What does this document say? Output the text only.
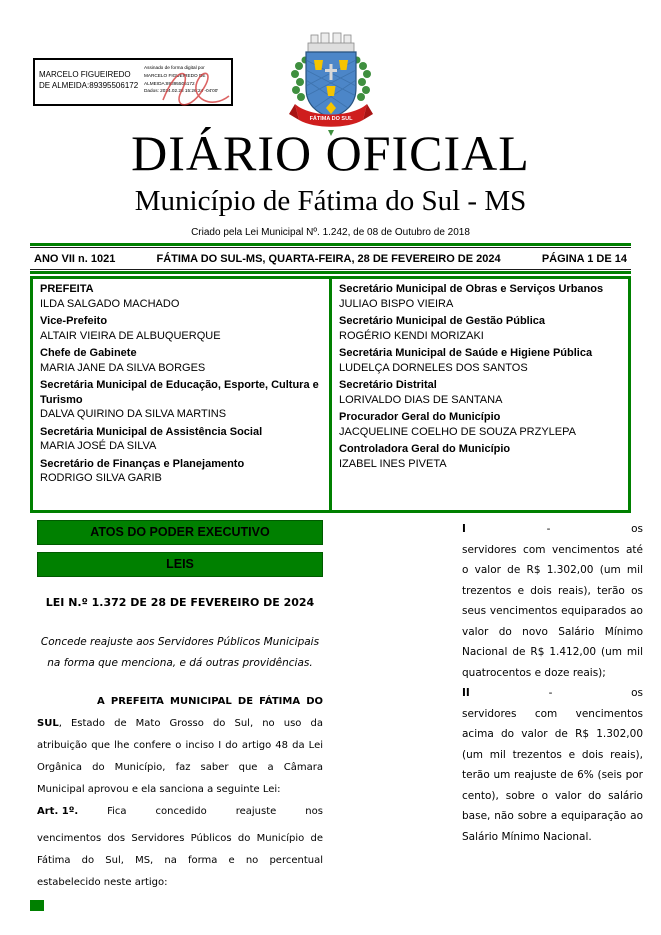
MARCELO FIGUEIREDO DE ALMEIDA:89395506172
Assinado de forma digital por
MARCELO FIGUEIREDO DE
ALMEIDA:89395506172
Dados: 2024.02.28 15:26:24 -04'00'
FÁTIMA DO SUL
DIÁRIO OFICIAL
Município de Fátima do Sul - MS
Criado pela Lei Municipal Nº. 1.242, de 08 de Outubro de 2018
ANO VII n. 1021	FÁTIMA DO SUL-MS, QUARTA-FEIRA, 28 DE FEVEREIRO DE 2024	PÁGINA 1 DE 14
PREFEITA
ILDA SALGADO MACHADO
Vice-Prefeito
ALTAIR VIEIRA DE ALBUQUERQUE
Chefe de Gabinete
MARIA JANE DA SILVA BORGES
Secretária Municipal de Educação, Esporte, Cultura e Turismo
DALVA QUIRINO DA SILVA MARTINS
Secretária Municipal de Assistência Social
MARIA JOSÉ DA SILVA
Secretário de Finanças e Planejamento
RODRIGO SILVA GARIB
Secretário Municipal de Obras e Serviços Urbanos
JULIAO BISPO VIEIRA
Secretário Municipal de Gestão Pública
ROGÉRIO KENDI MORIZAKI
Secretária Municipal de Saúde e Higiene Pública
LUDELÇA DORNELES DOS SANTOS
Secretário Distrital
LORIVALDO DIAS DE SANTANA
Procurador Geral do Município
JACQUELINE COELHO DE SOUZA PRZYLEPA
Controladora Geral do Município
IZABEL INES PIVETA
ATOS DO PODER EXECUTIVO
LEIS
LEI N.º 1.372 DE 28 DE FEVEREIRO DE 2024
Concede reajuste aos Servidores Públicos Municipais na forma que menciona, e dá outras providências.

A PREFEITA MUNICIPAL DE FÁTIMA DO SUL, Estado de Mato Grosso do Sul, no uso da atribuição que lhe confere o inciso I do artigo 48 da Lei Orgânica do Município, faz saber que a Câmara Municipal aprovou e ela sanciona a seguinte Lei:

Art. 1º.	Fica	concedido	reajuste	nos

vencimentos dos Servidores Públicos do Município de Fátima do Sul, MS, na forma e no percentual estabelecido neste artigo:

I	-	os

servidores com vencimentos até o valor de R$ 1.302,00 (um mil trezentos e dois reais), terão os seus vencimentos equiparados ao valor do novo Salário Mínimo Nacional de R$ 1.412,00 (um mil quatrocentos e doze reais);

II	-	os

servidores com vencimentos acima do valor de R$ 1.302,00 (um mil trezentos e dois reais), terão um reajuste de 6% (seis por cento), sobre o valor do salário base, não sobre a equiparação ao Salário Mínimo Nacional.
